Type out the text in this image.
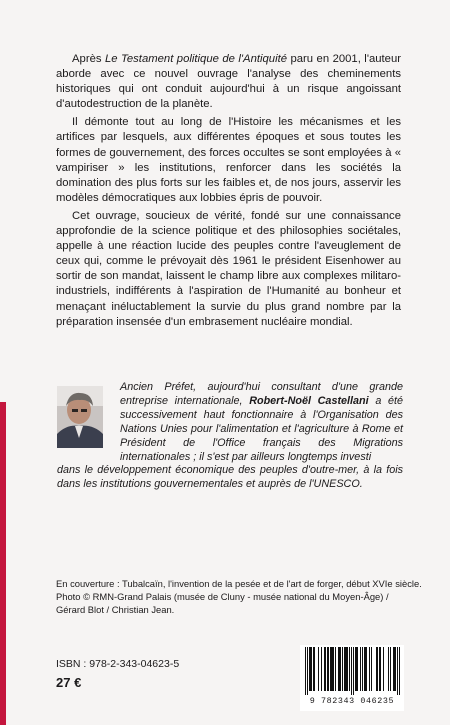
Après Le Testament politique de l'Antiquité paru en 2001, l'auteur aborde avec ce nouvel ouvrage l'analyse des cheminements historiques qui ont conduit aujourd'hui à un risque angoissant d'autodestruction de la planète.

Il démonte tout au long de l'Histoire les mécanismes et les artifices par lesquels, aux différentes époques et sous toutes les formes de gouvernement, des forces occultes se sont employées à « vampiriser » les institutions, renforcer dans les sociétés la domination des plus forts sur les faibles et, de nos jours, asservir les modèles démocratiques aux lobbies épris de pouvoir.

Cet ouvrage, soucieux de vérité, fondé sur une connaissance approfondie de la science politique et des philosophies sociétales, appelle à une réaction lucide des peuples contre l'aveuglement de ceux qui, comme le prévoyait dès 1961 le président Eisenhower au sortir de son mandat, laissent le champ libre aux complexes militaro-industriels, indifférents à l'aspiration de l'Humanité au bonheur et menaçant inéluctablement la survie du plus grand nombre par la préparation insensée d'un embrasement nucléaire mondial.

Ancien Préfet, aujourd'hui consultant d'une grande entreprise internationale, Robert-Noël Castellani a été successivement haut fonctionnaire à l'Organisation des Nations Unies pour l'alimentation et l'agriculture à Rome et Président de l'Office français des Migrations internationales ; il s'est par ailleurs longtemps investi
dans le développement économique des peuples d'outre-mer, à la fois dans les institutions gouvernementales et auprès de l'UNESCO.
En couverture : Tubalcaïn, l'invention de la pesée et de l'art de forger, début XVIe siècle.
Photo © RMN-Grand Palais (musée de Cluny - musée national du Moyen-Âge) /
Gérard Blot / Christian Jean.
ISBN : 978-2-343-04623-5
27 €
9 782343 046235
